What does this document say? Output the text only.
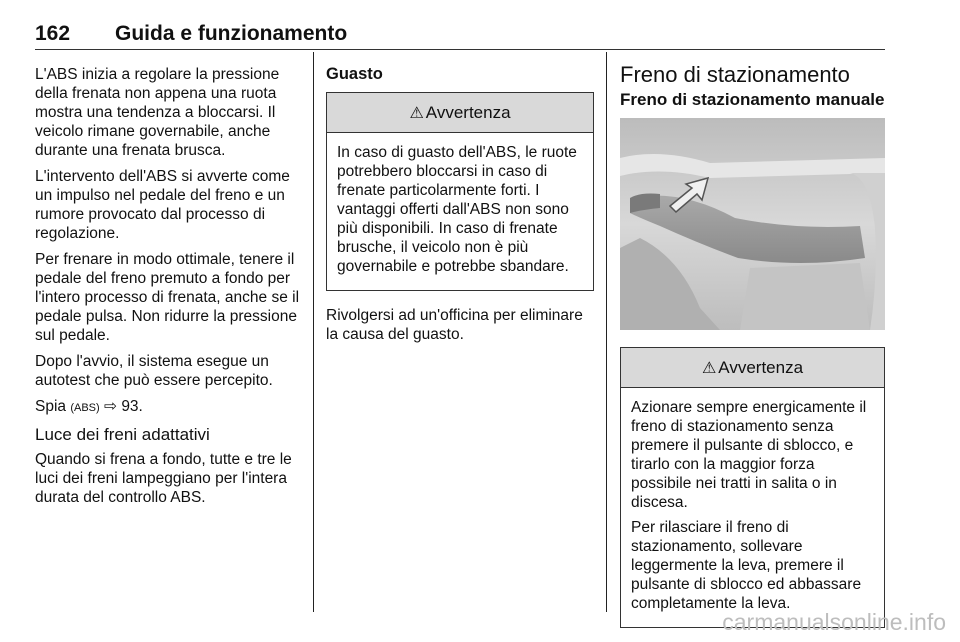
162 Guida e funzionamento

L'ABS inizia a regolare la pressione della frenata non appena una ruota mostra una tendenza a bloccarsi. Il veicolo rimane governabile, anche durante una frenata brusca.

L'intervento dell'ABS si avverte come un impulso nel pedale del freno e un rumore provocato dal processo di regolazione.

Per frenare in modo ottimale, tenere il pedale del freno premuto a fondo per l'intero processo di frenata, anche se il pedale pulsa. Non ridurre la pressione sul pedale.

Dopo l'avvio, il sistema esegue un autotest che può essere percepito.

Spia (ABS) ⇨ 93.

Luce dei freni adattativi

Quando si frena a fondo, tutte e tre le luci dei freni lampeggiano per l'intera durata del controllo ABS.

Guasto
⚠ Avvertenza

In caso di guasto dell'ABS, le ruote potrebbero bloccarsi in caso di frenate particolarmente forti. I vantaggi offerti dall'ABS non sono più disponibili. In caso di frenate brusche, il veicolo non è più governabile e potrebbe sbandare.

Rivolgersi ad un'officina per eliminare la causa del guasto.

Freno di stazionamento
Freno di stazionamento manuale
⚠ Avvertenza

Azionare sempre energicamente il freno di stazionamento senza premere il pulsante di sblocco, e tirarlo con la maggior forza possibile nei tratti in salita o in discesa.

Per rilasciare il freno di stazionamento, sollevare leggermente la leva, premere il pulsante di sblocco ed abbassare completamente la leva.

carmanualsonline.info
